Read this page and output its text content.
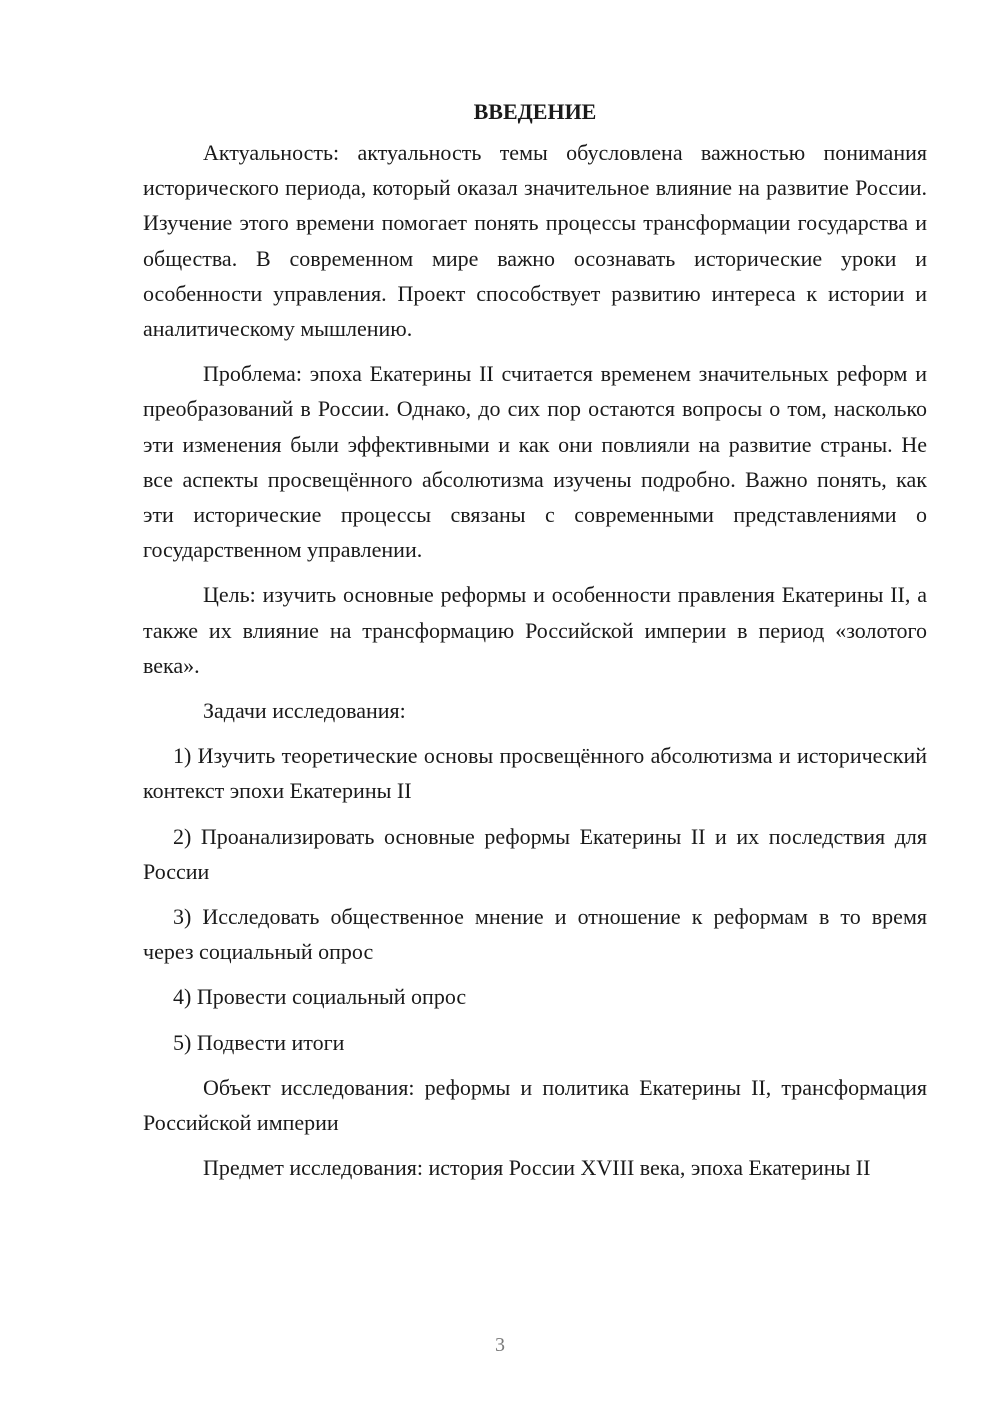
ВВЕДЕНИЕ

Актуальность: актуальность темы обусловлена важностью понимания исторического периода, который оказал значительное влияние на развитие России. Изучение этого времени помогает понять процессы трансформации государства и общества. В современном мире важно осознавать исторические уроки и особенности управления. Проект способствует развитию интереса к истории и аналитическому мышлению.

Проблема: эпоха Екатерины II считается временем значительных реформ и преобразований в России. Однако, до сих пор остаются вопросы о том, насколько эти изменения были эффективными и как они повлияли на развитие страны. Не все аспекты просвещённого абсолютизма изучены подробно. Важно понять, как эти исторические процессы связаны с современными представлениями о государственном управлении.

Цель: изучить основные реформы и особенности правления Екатерины II, а также их влияние на трансформацию Российской империи в период «золотого века».

Задачи исследования:

1) Изучить теоретические основы просвещённого абсолютизма и исторический контекст эпохи Екатерины II

2) Проанализировать основные реформы Екатерины II и их последствия для России

3) Исследовать общественное мнение и отношение к реформам в то время через социальный опрос

4) Провести социальный опрос

5) Подвести итоги

Объект исследования: реформы и политика Екатерины II, трансформация Российской империи

Предмет исследования: история России XVIII века, эпоха Екатерины II

3
